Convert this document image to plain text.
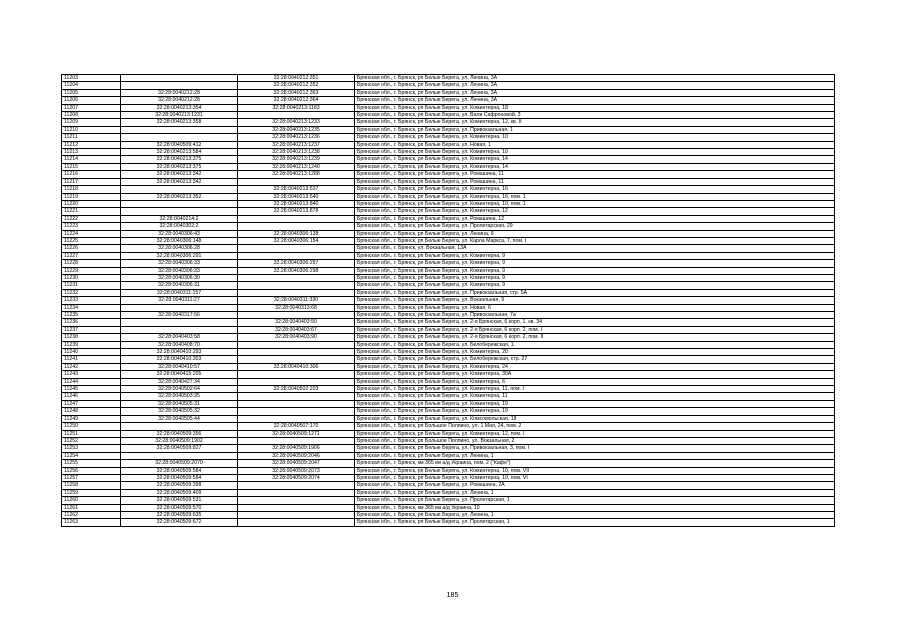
11203		32:28:0040212:351	Брянская обл., г. Брянск, рп Белые Берега, ул. Ленина, 3А
11204		32:28:0040212:352	Брянская обл., г. Брянск, рп Белые Берега, ул. Ленина, 3А
11205	32:28:0040212:28	32:28:0040212:363	Брянская обл., г. Брянск, рп Белые Берега, ул. Ленина, 3А
11206	32:28:0040212:28	32:28:0040212:364	Брянская обл., г. Брянск, рп Белые Берега, ул. Ленина, 3А
11207	32:28:0040213:354	32:28:0040213:1183	Брянская обл., г. Брянск, рп Белые Берега, ул. Коминтерна, 18
11208	32:28:0040213:1231		Брянская обл., г. Брянск, рп Белые Берега, ул. Вали Сафроновой, 3
11209	32:28:0040213:358	32:28:0040213:1233	Брянская обл., г. Брянск, рп Белые Берега, ул. Коминтерна, 12, кв. II
11210		32:28:0040213:1235	Брянская обл., г. Брянск, рп Белые Берега, ул. Привокзальная, 1
11211		32:28:0040213:1236	Брянская обл., г. Брянск, рп Белые Берега, ул. Коминтерна, 10
11212	32:28:0040509:412	32:28:0040213:1237	Брянская обл., г. Брянск, рп Белые Берега, ул. Новая, 1
11213	32:28:0040213:584	32:28:0040213:1238	Брянская обл., г. Брянск, рп Белые Берега, ул. Коминтерна, 10
11214	32:28:0040213:375	32:28:0040213:1239	Брянская обл., г. Брянск, рп Белые Берега, ул. Коминтерна, 14
11215	32:28:0040213:375	32:28:0040213:1240	Брянская обл., г. Брянск, рп Белые Берега, ул. Коминтерна, 14
11216	32:28:0040213:342	32:28:0040213:1288	Брянская обл., г. Брянск, рп Белые Берега, ул. Ромашина, 11
11217	32:28:0040213:342		Брянская обл., г. Брянск, рп Белые Берега, ул. Ромашина, 11
11218		32:28:0040213:537	Брянская обл., г. Брянск, рп Белые Берега, ул. Коминтерна, 16
11219	32:28:0040213:352	32:28:0040213:540	Брянская обл., г. Брянск, рп Белые Берега, ул. Коминтерна, 16, пом. 1
11220		32:28:0040213:840	Брянская обл., г. Брянск, рп Белые Берега, ул. Коминтерна, 10, пом. 1
11221		32:28:0040213:878	Брянская обл., г. Брянск, рп Белые Берега, ул. Коминтерна, 12
11222	32:28:0040214:2		Брянская обл., г. Брянск, рп Белые Берега, ул. Ромашина, 12
11223	32:28:0040302:2		Брянская обл., г. Брянск, рп Белые Берега, ул. Пролетарская, 29
11224	32:28:0040306:43	32:28:0040306:138	Брянская обл., г. Брянск, рп Белые Берега, ул. Ленина, 6
11225	32:28:0040306:148	32:28:0040306:154	Брянская обл., г. Брянск, рп Белые Берега, ул. Карла Маркса, 7, пом. I
11226	32:28:0040306:28		Брянская обл., г. Брянск, ул. Вокзальная, 13А
11227	32:28:0040306:291		Брянская обл., г. Брянск, рп Белые Берега, ул. Коминтерна, 9
11228	32:28:0040306:33	32:28:0040306:297	Брянская обл., г. Брянск, рп Белые Берега, ул. Коминтерна, 9
11229	32:28:0040306:33	32:28:0040306:298	Брянская обл., г. Брянск, рп Белые Берега, ул. Коминтерна, 9
11230	32:28:0040306:30		Брянская обл., г. Брянск, рп Белые Берега, ул. Коминтерна, 9
11231	32:28:0040306:31		Брянская обл., г. Брянск, рп Белые Берега, ул. Коминтерна, 9
11232	32:28:0040311:157		Брянская обл., г. Брянск, рп Белые Берега, ул. Привокзальная, стр. 5А
11233	32:28:0040311:27	32:28:0040311:330	Брянская обл., г. Брянск, рп Белые Берега, ул. Вокзальная, 9
11234		32:28:0040313:68	Брянская обл., г. Брянск, рп Белые Берега, ул. Новая, 6
11235	32:28:0040317:56		Брянская обл., г. Брянск, рп Белые Берега, ул. Привокзальная, 7а
11236		32:28:0040403:50	Брянская обл., г. Брянск, рп Белые Берега, ул. 2-я Брянская, 6 корп. 1, кв. 34
11237		32:28:0040403:67	Брянская обл., г. Брянск, рп Белые Берега, ул. 2-я Брянская, 6 корп. 2, пом. I
11238	32:28:0040403:58	32:28:0040403:90	Брянская обл., г. Брянск, рп Белые Берега, ул. 2-я Брянская, 6 корп. 2, пом. II
11239	32:28:0040408:70		Брянская обл., г. Брянск, рп Белые Берега, ул. Белобережская, 1
11240	32:28:0040410:293		Брянская обл., г. Брянск, рп Белые Берега, ул. Коминтерна, 20
11241	32:28:0040410:303		Брянская обл., г. Брянск, рп Белые Берега, ул. Белобережская, стр. 27
11242	32:28:0040410:57	32:28:0040410:306	Брянская обл., г. Брянск, рп Белые Берега, ул. Коминтерна, 24
11243	32:28:0040415:205		Брянская обл., г. Брянск, рп Белые Берега, ул. Коминтерна, 30А
11244	32:28:0040427:34		Брянская обл., г. Брянск, рп Белые Берега, ул. Коминтерна, 6
11245	32:28:0040502:64	32:28:0040502:203	Брянская обл., г. Брянск, рп Белые Берега, ул. Коминтерна, 11, пом. I
11246	32:28:0040503:35		Брянская обл., г. Брянск, рп Белые Берега, ул. Коминтерна, 11
11247	32:28:0040505:31		Брянская обл., г. Брянск, рп Белые Берега, ул. Коминтерна, 19
11248	32:28:0040505:32		Брянская обл., г. Брянск, рп Белые Берега, ул. Коминтерна, 19
11249	32:28:0040505:44		Брянская обл., г. Брянск, рп Белые Берега, ул. Комсомольская, 18
11250		32:28:0040507:170	Брянская обл., г. Брянск, рп Большое Полпино, ул. 1 Мая, 24, пом. 2
11251	32:28:0040509:356	32:28:0040509:1271	Брянская обл., г. Брянск, рп Белые Берега, ул. Коминтерна, 12, пом. I
11252	32:28:0040509:1902		Брянская обл., г. Брянск, рп Большое Полпино, ул. Вокзальная, 2
11253	32:28:0040509:827	32:28:0040509:1906	Брянская обл., г. Брянск, рп Белые Берега, ул. Привокзальная, 3, пом. I
11254		32:28:0040509:2046	Брянская обл., г. Брянск, рп Белые Берега, ул. Ленина, 1
11255	32:28:0040509:2070	32:28:0040509:2047	Брянская обл., г. Брянск, км 365 км а/д Украина, пом. 2 ("Кафе")
11256	32:28:0040509:584	32:28:0040509:2073	Брянская обл., г. Брянск, рп Белые Берега, ул. Коминтерна, 10, пом. VII
11257	32:28:0040509:584	32:28:0040509:2074	Брянская обл., г. Брянск, рп Белые Берега, ул. Коминтерна, 10, пом. VI
11258	32:28:0040509:398		Брянская обл., г. Брянск, рп Белые Берега, ул. Ромашина, 2А
11259	32:28:0040509:409		Брянская обл., г. Брянск, рп Белые Берега, ул. Ленина, 1
11260	32:28:0040509:531		Брянская обл., г. Брянск, рп Белые Берега, ул. Пролетарская, 1
11261	32:28:0040509:570		Брянская обл., г. Брянск, км 365 км а/д Украина, 10
11262	32:28:0040509:635		Брянская обл., г. Брянск, рп Белые Берега, ул. Ленина, 1
11263	32:28:0040509:672		Брянская обл., г. Брянск, рп Белые Берега, ул. Пролетарская, 1
185
